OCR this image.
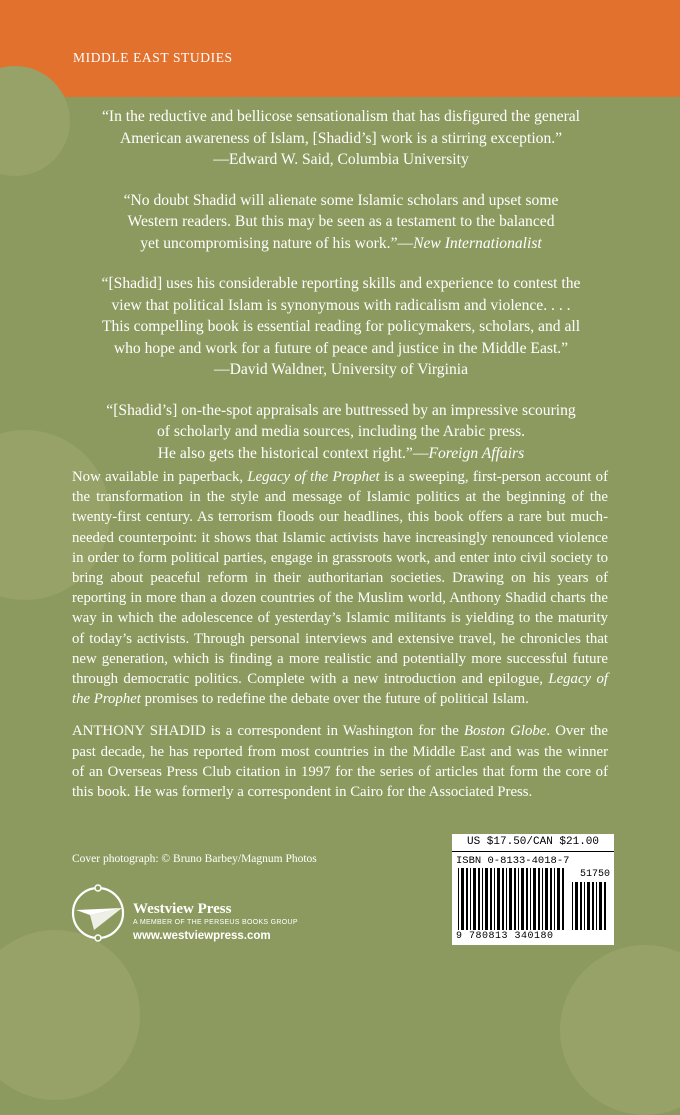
MIDDLE EAST STUDIES
“In the reductive and bellicose sensationalism that has disfigured the general
American awareness of Islam, [Shadid’s] work is a stirring exception.”
—Edward W. Said, Columbia University
“No doubt Shadid will alienate some Islamic scholars and upset some
Western readers. But this may be seen as a testament to the balanced
yet uncompromising nature of his work.”—New Internationalist
“[Shadid] uses his considerable reporting skills and experience to contest the
view that political Islam is synonymous with radicalism and violence. . . .
This compelling book is essential reading for policymakers, scholars, and all
who hope and work for a future of peace and justice in the Middle East.”
—David Waldner, University of Virginia
“[Shadid’s] on-the-spot appraisals are buttressed by an impressive scouring
of scholarly and media sources, including the Arabic press.
He also gets the historical context right.”—Foreign Affairs

Now available in paperback, Legacy of the Prophet is a sweeping, first-person account of the transformation in the style and message of Islamic politics at the beginning of the twenty-first century. As terrorism floods our headlines, this book offers a rare but much-needed counterpoint: it shows that Islamic activists have increasingly renounced violence in order to form political parties, engage in grassroots work, and enter into civil society to bring about peaceful reform in their authoritarian societies. Drawing on his years of reporting in more than a dozen countries of the Muslim world, Anthony Shadid charts the way in which the adolescence of yesterday’s Islamic militants is yielding to the maturity of today’s activists. Through personal interviews and extensive travel, he chronicles that new generation, which is finding a more realistic and potentially more successful future through democratic politics. Complete with a new introduction and epilogue, Legacy of the Prophet promises to redefine the debate over the future of political Islam.

ANTHONY SHADID is a correspondent in Washington for the Boston Globe. Over the past decade, he has reported from most countries in the Middle East and was the winner of an Overseas Press Club citation in 1997 for the series of articles that form the core of this book. He was formerly a correspondent in Cairo for the Associated Press.

Cover photograph: © Bruno Barbey/Magnum Photos
Westview Press
A MEMBER OF THE PERSEUS BOOKS GROUP
www.westviewpress.com
US $17.50/CAN $21.00
ISBN 0-8133-4018-7
51750
9 780813 340180
